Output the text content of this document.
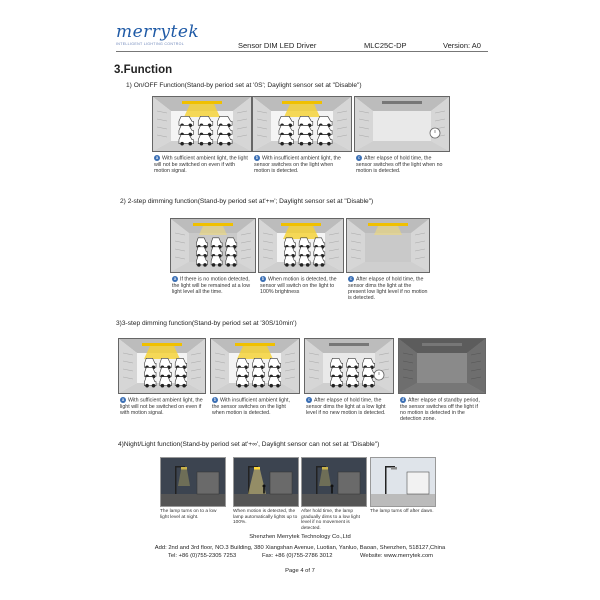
merrytek
INTELLIGENT LIGHTING CONTROL	Sensor DIM LED Driver	MLC25C-DP	Version: A0
3.Function
1) On/OFF Function(Stand-by period set at '0S'; Daylight sensor set at "Disable")
a With sufficient ambient light, the light will not be switched on even if with motion signal.
b With insufficient ambient light, the sensor switches on the light when motion is detected.
c After elapse of hold time, the sensor switches off the light when no motion is detected.
2) 2-step dimming function(Stand-by period set at'+∞'; Daylight sensor set at "Disable")
a If there is no motion detected, the light will be remained at a low light level all the time.
b When motion is detected, the sensor will switch on the light to 100% brightness
c After elapse of hold time, the sensor dims the light at the present low light level if no motion is detected.
3)3-step dimming function(Stand-by period set at '30S/10min')
a With sufficient ambient light, the light will not be switched on even if with motion signal.
b With insufficient ambient light, the sensor switches on the light when motion is detected.
c After elapse of hold time, the sensor dims the light at a low light level if no new motion is detected.
d After elapse of standby period, the sensor switches off the light if no motion is detected in the detection zone.
4)Night/Light function(Stand-by period set at'+∞', Daylight sensor can not set at "Disable")
The lamp turns on to a low light level at night.
When motion is detected, the lamp automatically lights up to 100%.
After hold time, the lamp gradually dims to a low light level if no movement is detected.
The lamp turns off after dawn.
Shenzhen Merrytek Technology Co.,Ltd
Add: 2nd and 3rd floor, NO.3 Building, 380 Xiangshan Avenue, Luotian, Yanluo, Baoan, Shenzhen, 518127,China
Tel: +86 (0)755-2305 7253	Fax: +86 (0)755-2786 3012	Website: www.merrytek.com
Page 4 of 7
